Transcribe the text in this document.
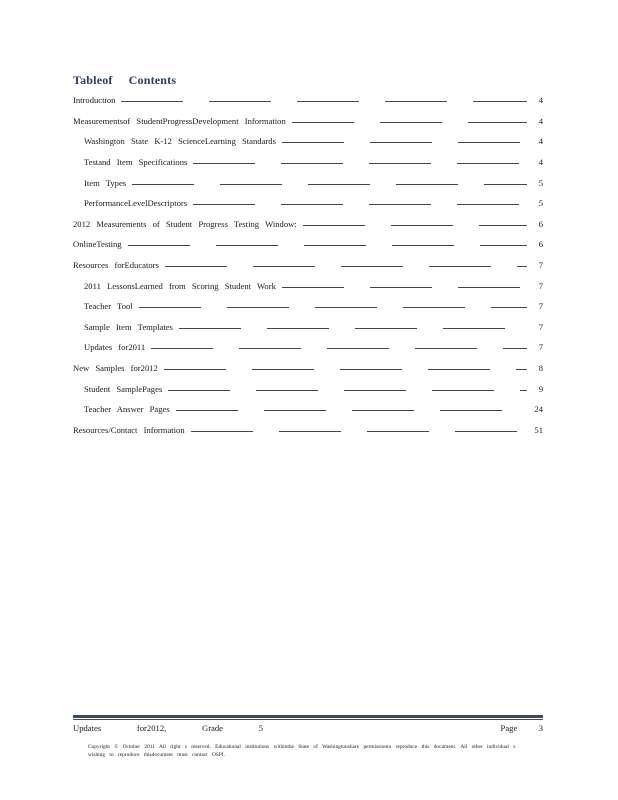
Tableof     Contents
Introduction	4
Measurementsof StudentProgressDevelopment Information	4
Washington State K-12 ScienceLearning Standards	4
Testand Item Specifications	4
Item Types	5
PerformanceLevelDescriptors	5
2012 Measurements of Student Progress Testing Window:	6
OnlineTesting	6
Resources forEducators	7
2011 LessonsLearned from Scoring Student Work	7
Teacher Tool	7
Sample Item Templates	7
Updates for2011	7
New Samples for2012	8
Student SamplePages	9
Teacher Answer Pages	24
Resources/Contact Information	51
Updates     for2012,     Grade     5	Page   3
Copyright © October 2011 All right s reserved. Educational institutions withinthe State of Washingtonshare permissionto reproduce this document. All other individual s wishing to reproduce thisdocument must contact OSPI.
